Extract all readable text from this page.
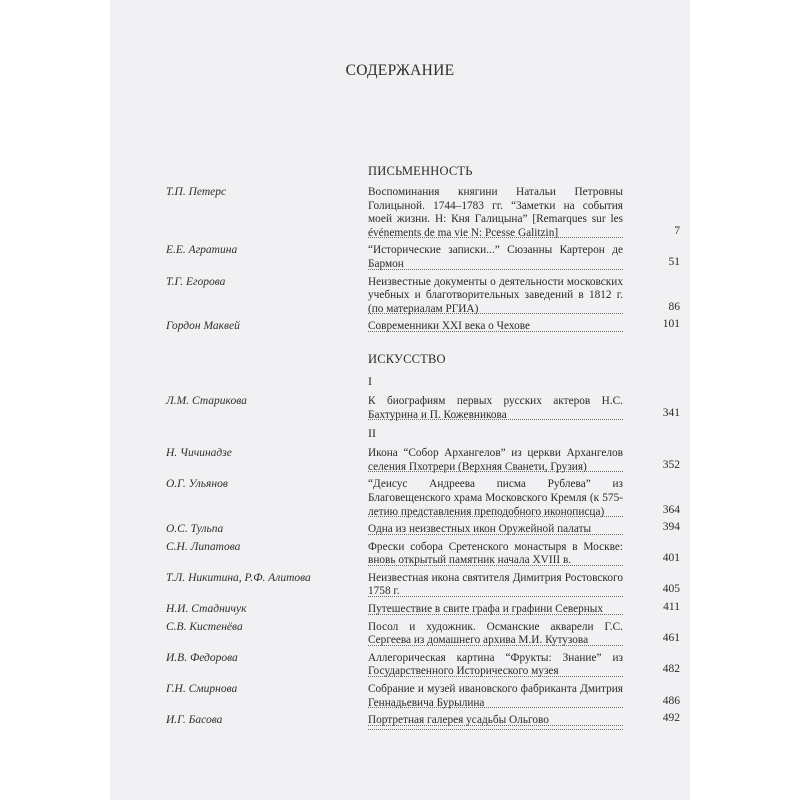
СОДЕРЖАНИЕ
ПИСЬМЕННОСТЬ
Т.П. Петерс	Воспоминания княгини Натальи Петровны Голицыной. 1744–1783 гг. “Заметки на события моей жизни. Н: Кня Галицына” [Remarques sur les événements de ma vie N: Pcesse Galitzin]	7
Е.Е. Агратина	“Исторические записки...” Сюзанны Картерон де Бармон	51
Т.Г. Егорова	Неизвестные документы о деятельности московских учебных и благотворительных заведений в 1812 г. (по материалам РГИА)	86
Гордон Маквей	Современники XXI века о Чехове	101
ИСКУССТВО
I
Л.М. Старикова	К биографиям первых русских актеров Н.С. Бахтурина и П. Кожевникова	341
II
Н. Чичинадзе	Икона “Собор Архангелов” из церкви Архангелов селения Пхотрери (Верхняя Сванети, Грузия)	352
О.Г. Ульянов	“Деисус Андреева писма Рублева” из Благовещенского храма Московского Кремля (к 575-летию представления преподобного иконописца)	364
О.С. Тульпа	Одна из неизвестных икон Оружейной палаты	394
С.Н. Липатова	Фрески собора Сретенского монастыря в Москве: вновь открытый памятник начала XVIII в.	401
Т.Л. Никитина, Р.Ф. Алитова	Неизвестная икона святителя Димитрия Ростовского 1758 г.	405
Н.И. Стадничук	Путешествие в свите графа и графини Северных	411
С.В. Кистенёва	Посол и художник. Османские акварели Г.С. Сергеева из домашнего архива М.И. Кутузова	461
И.В. Федорова	Аллегорическая картина “Фрукты: Знание” из Государственного Исторического музея	482
Г.Н. Смирнова	Собрание и музей ивановского фабриканта Дмитрия Геннадьевича Бурылина	486
И.Г. Басова	Портретная галерея усадьбы Ольгово	492
